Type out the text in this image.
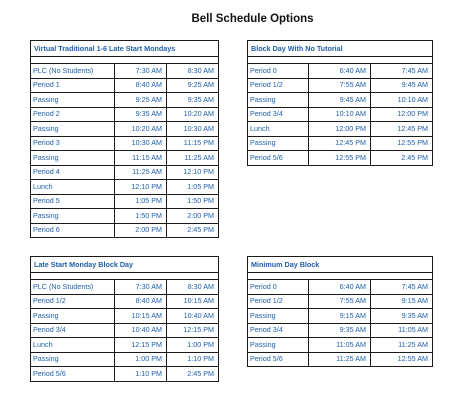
Bell Schedule Options
Virtual Traditional 1-6 Late Start Mondays		

PLC (No Students)	7:30 AM	8:30 AM
Period 1	8:40 AM	9:25 AM
Passing	9:25 AM	9:35 AM
Period 2	9:35 AM	10:20 AM
Passing	10:20 AM	10:30 AM
Period 3	10:30 AM	11:15 PM
Passing	11:15 AM	11:25 AM
Period 4	11:25 AM	12:10 PM
Lunch	12:10 PM	1:05 PM
Period 5	1:05 PM	1:50 PM
Passing	1:50 PM	2:00 PM
Period 6	2:00 PM	2:45 PM
Block Day With No Tutorial		

Period 0	6:40 AM	7:45 AM
Period 1/2	7:55 AM	9:45 AM
Passing	9:45 AM	10:10 AM
Period 3/4	10:10 AM	12:00 PM
Lunch	12:00 PM	12:45 PM
Passing	12:45 PM	12:55 PM
Period 5/6	12:55 PM	2:45 PM
Late Start Monday Block Day		

PLC (No Students)	7:30 AM	8:30 AM
Period 1/2	8:40 AM	10:15 AM
Passing	10:15 AM	10:40 AM
Period 3/4	10:40 AM	12:15 PM
Lunch	12:15 PM	1:00 PM
Passing	1:00 PM	1:10 PM
Period 5/6	1:10 PM	2:45 PM
Minimum Day Block		

Period 0	6:40 AM	7:45 AM
Period 1/2	7:55 AM	9:15 AM
Passing	9:15 AM	9:35 AM
Period 3/4	9:35 AM	11:05 AM
Passing	11:05 AM	11:25 AM
Period 5/6	11:25 AM	12:55 AM
